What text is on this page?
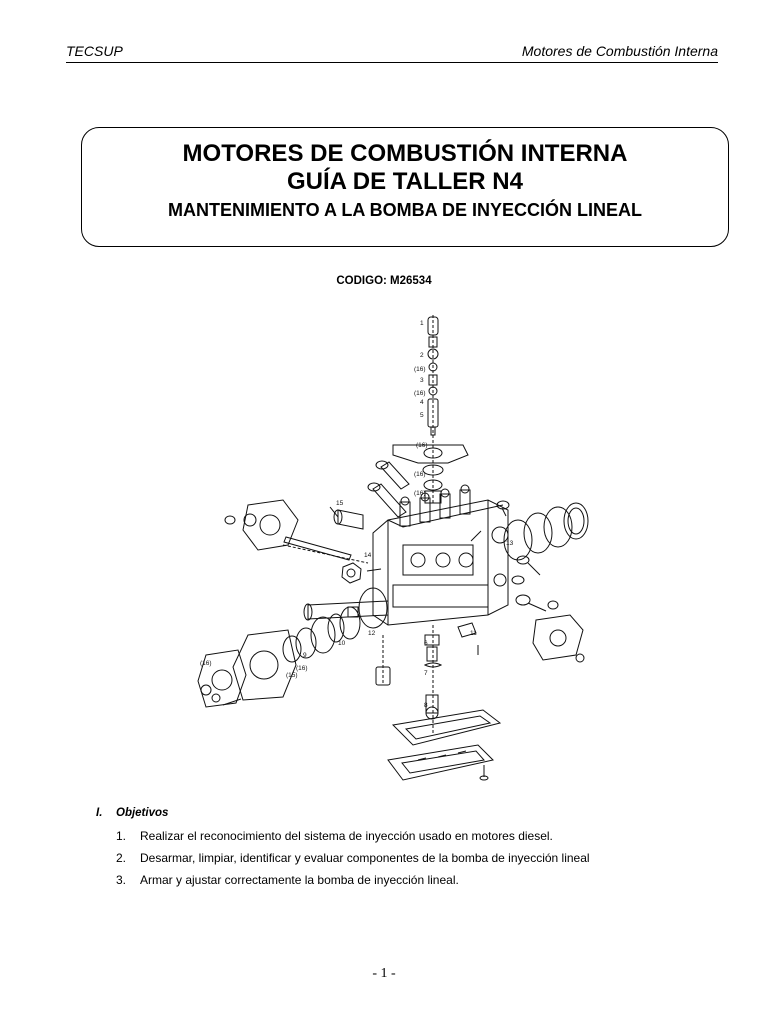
TECSUP	Motores de Combustión Interna
MOTORES DE COMBUSTIÓN INTERNA
GUÍA DE TALLER N4
MANTENIMIENTO A LA BOMBA DE INYECCIÓN LINEAL
CODIGO: M26534
1
2
(16)
3
(16)
4
5
(16)
(16)
(16)
15
14
13
12	11
10
9
(16)
(15)
(16)
6
7
8
I. Objetivos
1. Realizar el reconocimiento del sistema de inyección usado en motores diesel.
2. Desarmar, limpiar, identificar y evaluar componentes de la bomba de inyección lineal
3. Armar y ajustar correctamente la bomba de inyección lineal.
- 1 -
